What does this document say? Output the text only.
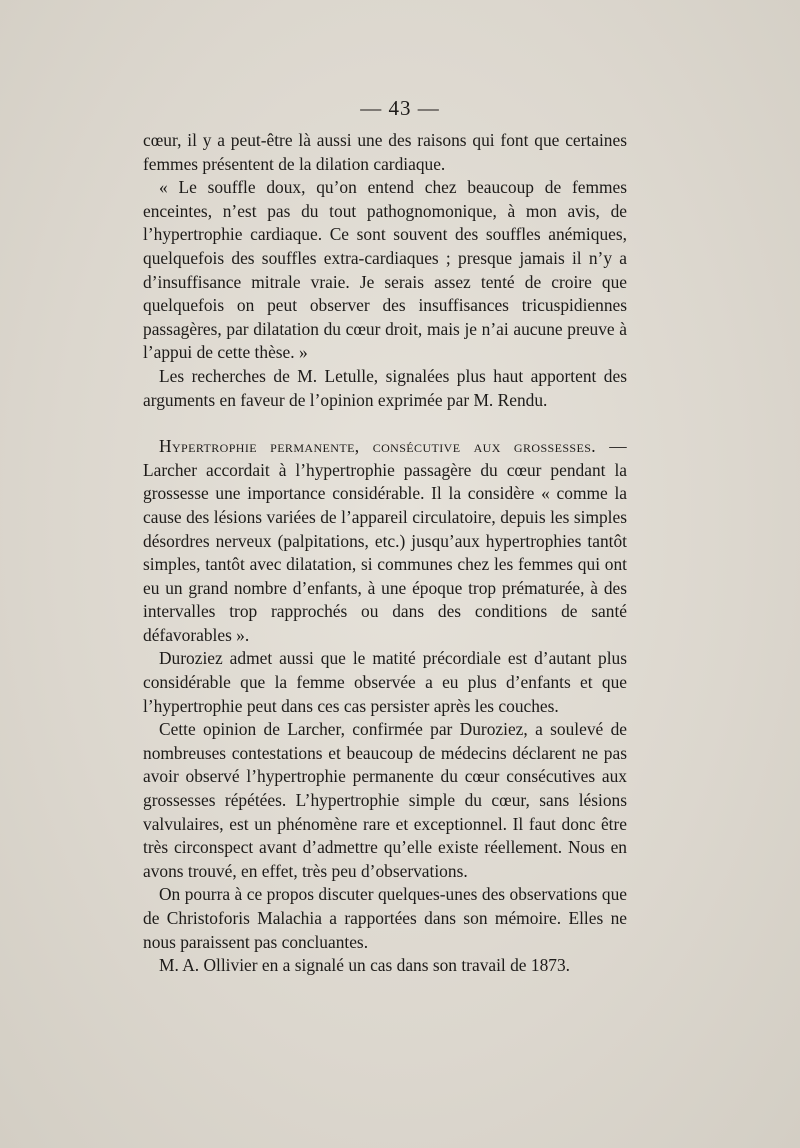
— 43 —

cœur, il y a peut-être là aussi une des raisons qui font que certaines femmes présentent de la dilation cardiaque.

« Le souffle doux, qu’on entend chez beaucoup de femmes enceintes, n’est pas du tout pathognomonique, à mon avis, de l’hypertrophie cardiaque. Ce sont souvent des souffles anémiques, quelquefois des souffles extra-cardiaques ; presque jamais il n’y a d’insuffisance mitrale vraie. Je serais assez tenté de croire que quelquefois on peut observer des insuffisances tricuspidiennes passagères, par dilatation du cœur droit, mais je n’ai aucune preuve à l’appui de cette thèse. »

Les recherches de M. Letulle, signalées plus haut apportent des arguments en faveur de l’opinion exprimée par M. Rendu.

Hypertrophie permanente, consécutive aux grossesses. — Larcher accordait à l’hypertrophie passagère du cœur pendant la grossesse une importance considérable. Il la considère « comme la cause des lésions variées de l’appareil circulatoire, depuis les simples désordres nerveux (palpitations, etc.) jusqu’aux hypertrophies tantôt simples, tantôt avec dilatation, si communes chez les femmes qui ont eu un grand nombre d’enfants, à une époque trop prématurée, à des intervalles trop rapprochés ou dans des conditions de santé défavorables ».

Duroziez admet aussi que le matité précordiale est d’autant plus considérable que la femme observée a eu plus d’enfants et que l’hypertrophie peut dans ces cas persister après les couches.

Cette opinion de Larcher, confirmée par Duroziez, a soulevé de nombreuses contestations et beaucoup de médecins déclarent ne pas avoir observé l’hypertrophie permanente du cœur consécutives aux grossesses répétées. L’hypertrophie simple du cœur, sans lésions valvulaires, est un phénomène rare et exceptionnel. Il faut donc être très circonspect avant d’admettre qu’elle existe réellement. Nous en avons trouvé, en effet, très peu d’observations.

On pourra à ce propos discuter quelques-unes des observations que de Christoforis Malachia a rapportées dans son mémoire. Elles ne nous paraissent pas concluantes.

M. A. Ollivier en a signalé un cas dans son travail de 1873.
